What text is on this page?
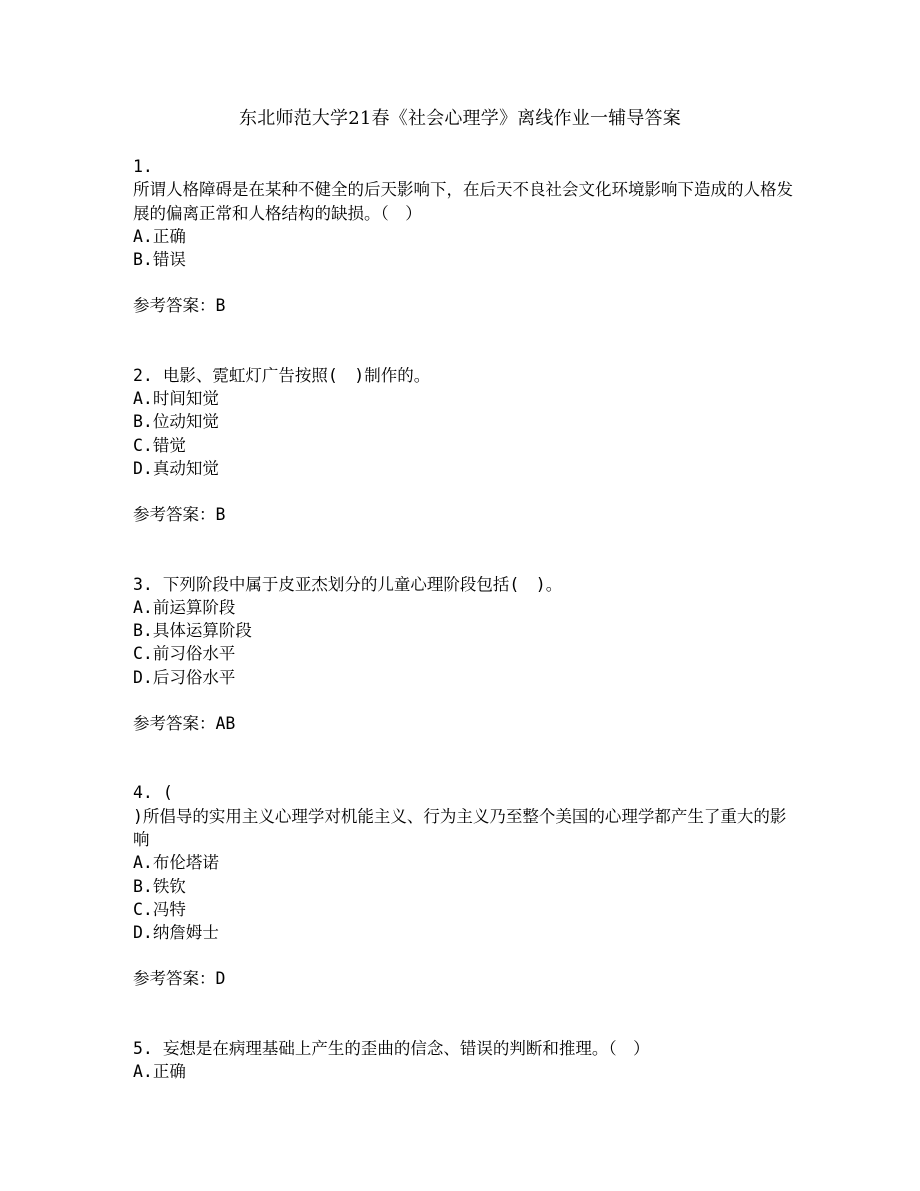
东北师范大学21春《社会心理学》离线作业一辅导答案
1.
所谓人格障碍是在某种不健全的后天影响下，在后天不良社会文化环境影响下造成的人格发展的偏离正常和人格结构的缺损。（　）
A.正确
B.错误
参考答案：B
2. 电影、霓虹灯广告按照(　)制作的。
A.时间知觉
B.位动知觉
C.错觉
D.真动知觉
参考答案：B
3. 下列阶段中属于皮亚杰划分的儿童心理阶段包括(　)。
A.前运算阶段
B.具体运算阶段
C.前习俗水平
D.后习俗水平
参考答案：AB
4. (
)所倡导的实用主义心理学对机能主义、行为主义乃至整个美国的心理学都产生了重大的影响
A.布伦塔诺
B.铁钦
C.冯特
D.纳詹姆士
参考答案：D
5. 妄想是在病理基础上产生的歪曲的信念、错误的判断和推理。（　）
A.正确
